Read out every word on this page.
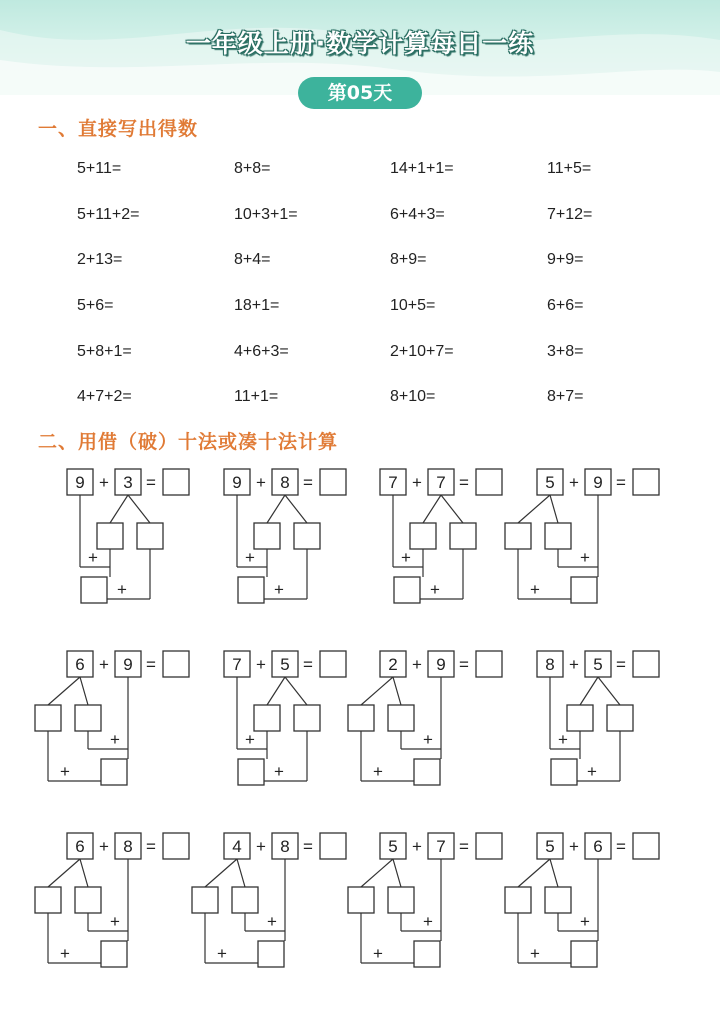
一年级上册·数学计算每日一练
第05天
一、直接写出得数
5+11=	8+8=	14+1+1=	11+5=
5+11+2=	10+3+1=	6+4+3=	7+12=
2+13=	8+4=	8+9=	9+9=
5+6=	18+1=	10+5=	6+6=
5+8+1=	4+6+3=	2+10+7=	3+8=
4+7+2=	11+1=	8+10=	8+7=
二、用借（破）十法或凑十法计算
9 + 3 =
+
+
9 + 8 =
+
+
7 + 7 =
+
+
5 + 9 =
+
+
6 + 9 =
+
+
7 + 5 =
+
+
2 + 9 =
+
+
8 + 5 =
+
+
6 + 8 =
+
+
4 + 8 =
+
+
5 + 7 =
+
+
5 + 6 =
+
+
